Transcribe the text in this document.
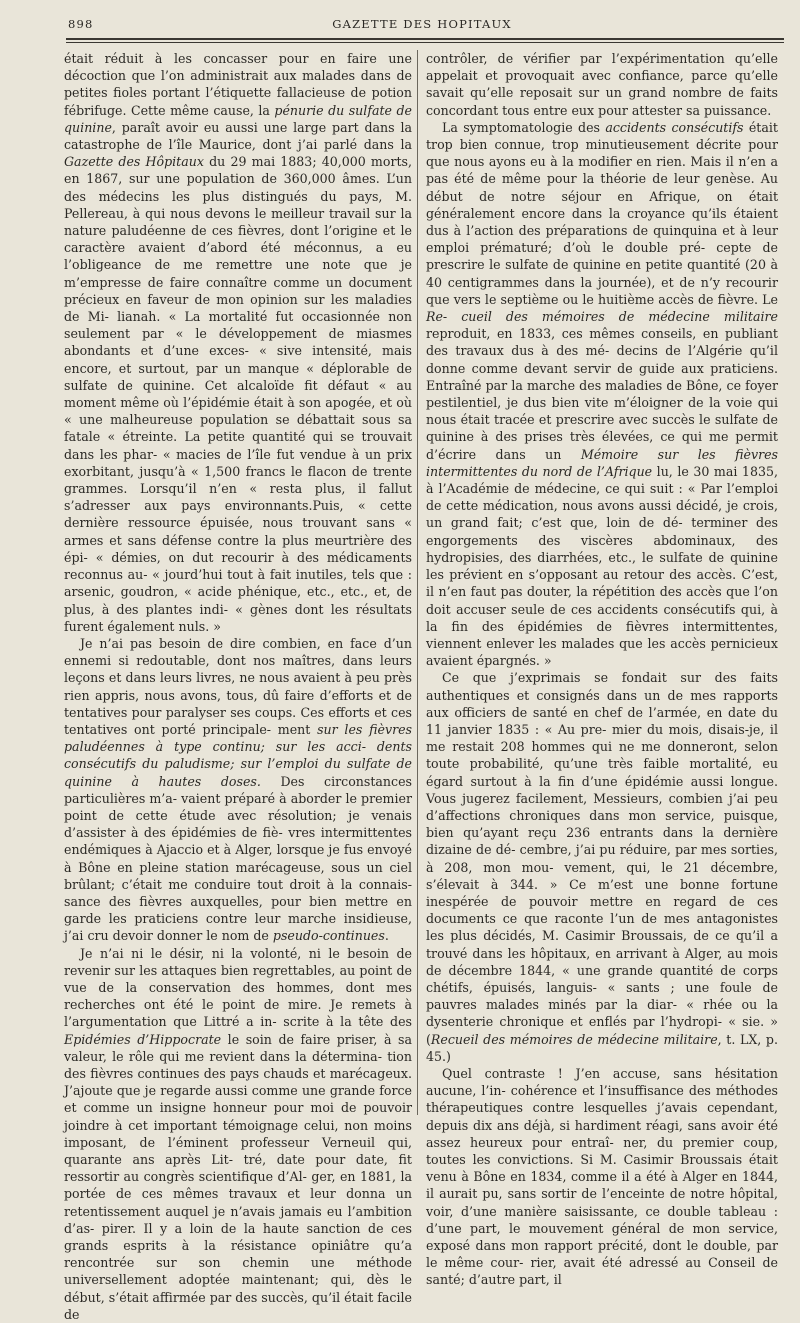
898	GAZETTE DES HOPITAUX

était réduit à les concasser pour en faire une décoction que l’on administrait aux malades dans de petites fioles portant l’étiquette fallacieuse de potion fébrifuge. Cette même cause, la pénurie du sulfate de quinine, paraît avoir eu aussi une large part dans la catastrophe de l’île Maurice, dont j’ai parlé dans la Gazette des Hôpitaux du 29 mai 1883; 40,000 morts, en 1867, sur une population de 360,000 âmes. L’un des médecins les plus distingués du pays, M. Pellereau, à qui nous devons le meilleur travail sur la nature paludéenne de ces fièvres, dont l’origine et le caractère avaient d’abord été méconnus, a eu l’obligeance de me remettre une note que je m’empresse de faire connaître comme un document précieux en faveur de mon opinion sur les maladies de Mi- lianah. « La mortalité fut occasionnée non seulement par « le développement de miasmes abondants et d’une exces- « sive intensité, mais encore, et surtout, par un manque « déplorable de sulfate de quinine. Cet alcaloïde fit défaut « au moment même où l’épidémie était à son apogée, et où « une malheureuse population se débattait sous sa fatale « étreinte. La petite quantité qui se trouvait dans les phar- « macies de l’île fut vendue à un prix exorbitant, jusqu’à « 1,500 francs le flacon de trente grammes. Lorsqu’il n’en « resta plus, il fallut s’adresser aux pays environnants.Puis, « cette dernière ressource épuisée, nous trouvant sans « armes et sans défense contre la plus meurtrière des épi- « démies, on dut recourir à des médicaments reconnus au- « jourd’hui tout à fait inutiles, tels que : arsenic, goudron, « acide phénique, etc., etc., et, de plus, à des plantes indi- « gènes dont les résultats furent également nuls. »

Je n’ai pas besoin de dire combien, en face d’un ennemi si redoutable, dont nos maîtres, dans leurs leçons et dans leurs livres, ne nous avaient à peu près rien appris, nous avons, tous, dû faire d’efforts et de tentatives pour paralyser ses coups. Ces efforts et ces tentatives ont porté principale- ment sur les fièvres paludéennes à type continu; sur les acci- dents consécutifs du paludisme; sur l’emploi du sulfate de quinine à hautes doses. Des circonstances particulières m’a- vaient préparé à aborder le premier point de cette étude avec résolution; je venais d’assister à des épidémies de fiè- vres intermittentes endémiques à Ajaccio et à Alger, lorsque je fus envoyé à Bône en pleine station marécageuse, sous un ciel brûlant; c’était me conduire tout droit à la connais- sance des fièvres auxquelles, pour bien mettre en garde les praticiens contre leur marche insidieuse, j’ai cru devoir donner le nom de pseudo-continues.

Je n’ai ni le désir, ni la volonté, ni le besoin de revenir sur les attaques bien regrettables, au point de vue de la conservation des hommes, dont mes recherches ont été le point de mire. Je remets à l’argumentation que Littré a in- scrite à la tête des Epidémies d’Hippocrate le soin de faire priser, à sa valeur, le rôle qui me revient dans la détermina- tion des fièvres continues des pays chauds et marécageux. J’ajoute que je regarde aussi comme une grande force et comme un insigne honneur pour moi de pouvoir joindre à cet important témoignage celui, non moins imposant, de l’éminent professeur Verneuil qui, quarante ans après Lit- tré, date pour date, fit ressortir au congrès scientifique d’Al- ger, en 1881, la portée de ces mêmes travaux et leur donna un retentissement auquel je n’avais jamais eu l’ambition d’as- pirer. Il y a loin de la haute sanction de ces grands esprits à la résistance opiniâtre qu’a rencontrée sur son chemin une méthode universellement adoptée maintenant; qui, dès le début, s’était affirmée par des succès, qu’il était facile de

contrôler, de vérifier par l’expérimentation qu’elle appelait et provoquait avec confiance, parce qu’elle savait qu’elle reposait sur un grand nombre de faits concordant tous entre eux pour attester sa puissance.

La symptomatologie des accidents consécutifs était trop bien connue, trop minutieusement décrite pour que nous ayons eu à la modifier en rien. Mais il n’en a pas été de même pour la théorie de leur genèse. Au début de notre séjour en Afrique, on était généralement encore dans la croyance qu’ils étaient dus à l’action des préparations de quinquina et à leur emploi prématuré; d’où le double pré- cepte de prescrire le sulfate de quinine en petite quantité (20 à 40 centigrammes dans la journée), et de n’y recourir que vers le septième ou le huitième accès de fièvre. Le Re- cueil des mémoires de médecine militaire reproduit, en 1833, ces mêmes conseils, en publiant des travaux dus à des mé- decins de l’Algérie qu’il donne comme devant servir de guide aux praticiens. Entraîné par la marche des maladies de Bône, ce foyer pestilentiel, je dus bien vite m’éloigner de la voie qui nous était tracée et prescrire avec succès le sulfate de quinine à des prises très élevées, ce qui me permit d’écrire dans un Mémoire sur les fièvres intermittentes du nord de l’Afrique lu, le 30 mai 1835, à l’Académie de médecine, ce qui suit : « Par l’emploi de cette médication, nous avons aussi décidé, je crois, un grand fait; c’est que, loin de dé- terminer des engorgements des viscères abdominaux, des hydropisies, des diarrhées, etc., le sulfate de quinine les prévient en s’opposant au retour des accès. C’est, il n’en faut pas douter, la répétition des accès que l’on doit accuser seule de ces accidents consécutifs qui, à la fin des épidémies de fièvres intermittentes, viennent enlever les malades que les accès pernicieux avaient épargnés. »

Ce que j’exprimais se fondait sur des faits authentiques et consignés dans un de mes rapports aux officiers de santé en chef de l’armée, en date du 11 janvier 1835 : « Au pre- mier du mois, disais-je, il me restait 208 hommes qui ne me donneront, selon toute probabilité, qu’une très faible mortalité, eu égard surtout à la fin d’une épidémie aussi longue. Vous jugerez facilement, Messieurs, combien j’ai peu d’affections chroniques dans mon service, puisque, bien qu’ayant reçu 236 entrants dans la dernière dizaine de dé- cembre, j’ai pu réduire, par mes sorties, à 208, mon mou- vement, qui, le 21 décembre, s’élevait à 344. » Ce m’est une bonne fortune inespérée de pouvoir mettre en regard de ces documents ce que raconte l’un de mes antagonistes les plus décidés, M. Casimir Broussais, de ce qu’il a trouvé dans les hôpitaux, en arrivant à Alger, au mois de décembre 1844, « une grande quantité de corps chétifs, épuisés, languis- « sants ; une foule de pauvres malades minés par la diar- « rhée ou la dysenterie chronique et enflés par l’hydropi- « sie. » (Recueil des mémoires de médecine militaire, t. LX, p. 45.)

Quel contraste ! J’en accuse, sans hésitation aucune, l’in- cohérence et l’insuffisance des méthodes thérapeutiques contre lesquelles j’avais cependant, depuis dix ans déjà, si hardiment réagi, sans avoir été assez heureux pour entraî- ner, du premier coup, toutes les convictions. Si M. Casimir Broussais était venu à Bône en 1834, comme il a été à Alger en 1844, il aurait pu, sans sortir de l’enceinte de notre hôpital, voir, d’une manière saisissante, ce double tableau : d’une part, le mouvement général de mon service, exposé dans mon rapport précité, dont le double, par le même cour- rier, avait été adressé au Conseil de santé; d’autre part, il
